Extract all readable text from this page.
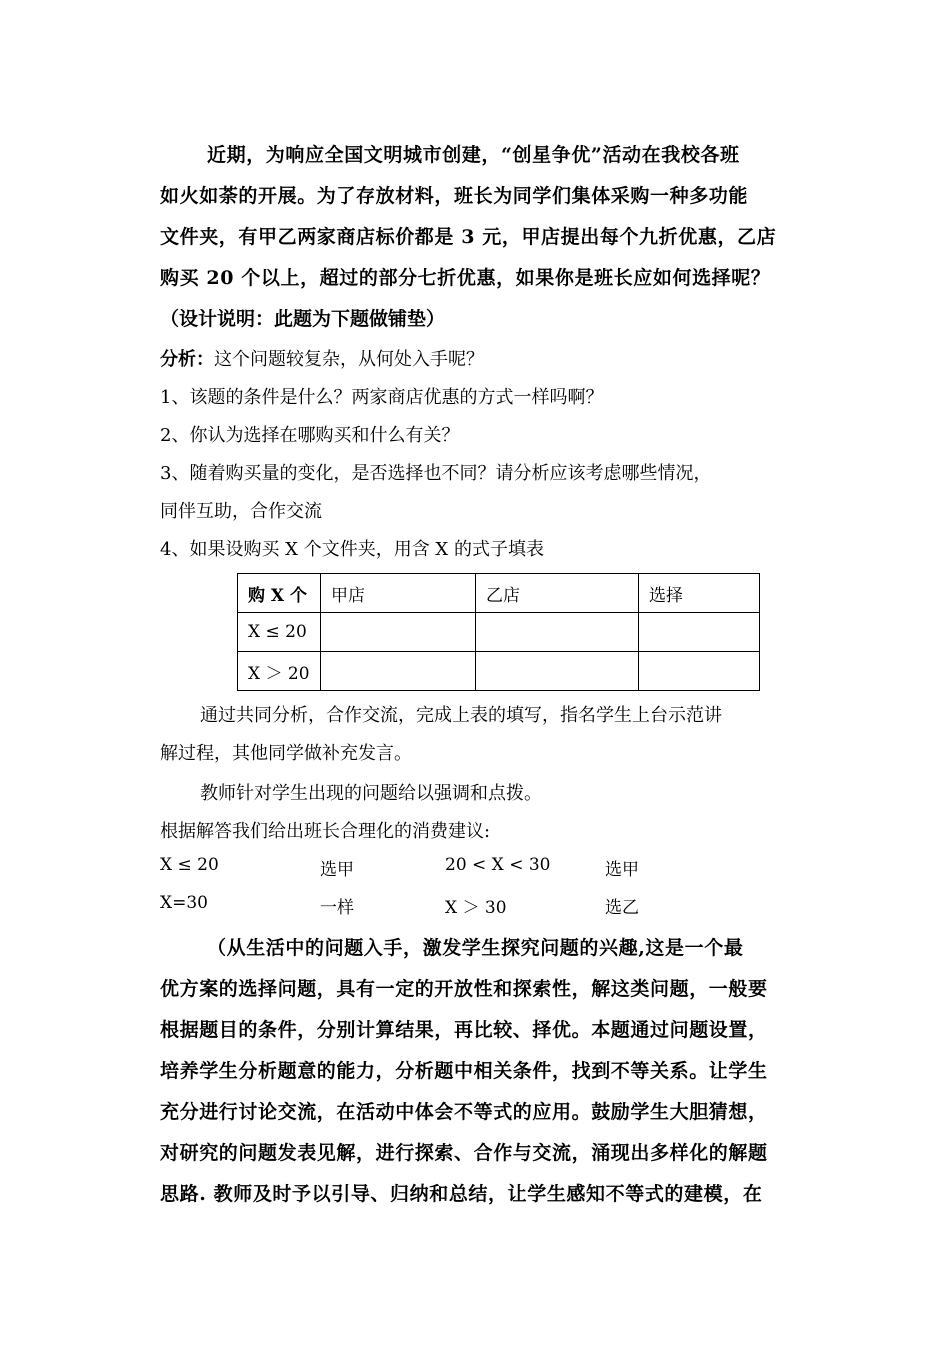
近期，为响应全国文明城市创建，“创星争优”活动在我校各班
如火如荼的开展。为了存放材料，班长为同学们集体采购一种多功能
文件夹，有甲乙两家商店标价都是 3 元，甲店提出每个九折优惠，乙店
购买 20 个以上，超过的部分七折优惠，如果你是班长应如何选择呢？
（设计说明：此题为下题做铺垫）
分析：这个问题较复杂，从何处入手呢？
1、该题的条件是什么？两家商店优惠的方式一样吗啊？
2、你认为选择在哪购买和什么有关？
3、随着购买量的变化，是否选择也不同？请分析应该考虑哪些情况，
同伴互助，合作交流
4、如果设购买 X 个文件夹，用含 X 的式子填表
购 X 个	甲店	乙店	选择
X ≤ 20			
X ＞ 20			
通过共同分析，合作交流，完成上表的填写，指名学生上台示范讲
解过程，其他同学做补充发言。
教师针对学生出现的问题给以强调和点拨。
根据解答我们给出班长合理化的消费建议:
X ≤ 20	选甲	20 < X < 30	选甲
X=30	一样	X ＞ 30	选乙
（从生活中的问题入手，激发学生探究问题的兴趣,这是一个最
优方案的选择问题，具有一定的开放性和探索性，解这类问题，一般要
根据题目的条件，分别计算结果，再比较、择优。本题通过问题设置，
培养学生分析题意的能力，分析题中相关条件，找到不等关系。让学生
充分进行讨论交流，在活动中体会不等式的应用。鼓励学生大胆猜想，
对研究的问题发表见解，进行探索、合作与交流，涌现出多样化的解题
思路. 教师及时予以引导、归纳和总结，让学生感知不等式的建模，在
